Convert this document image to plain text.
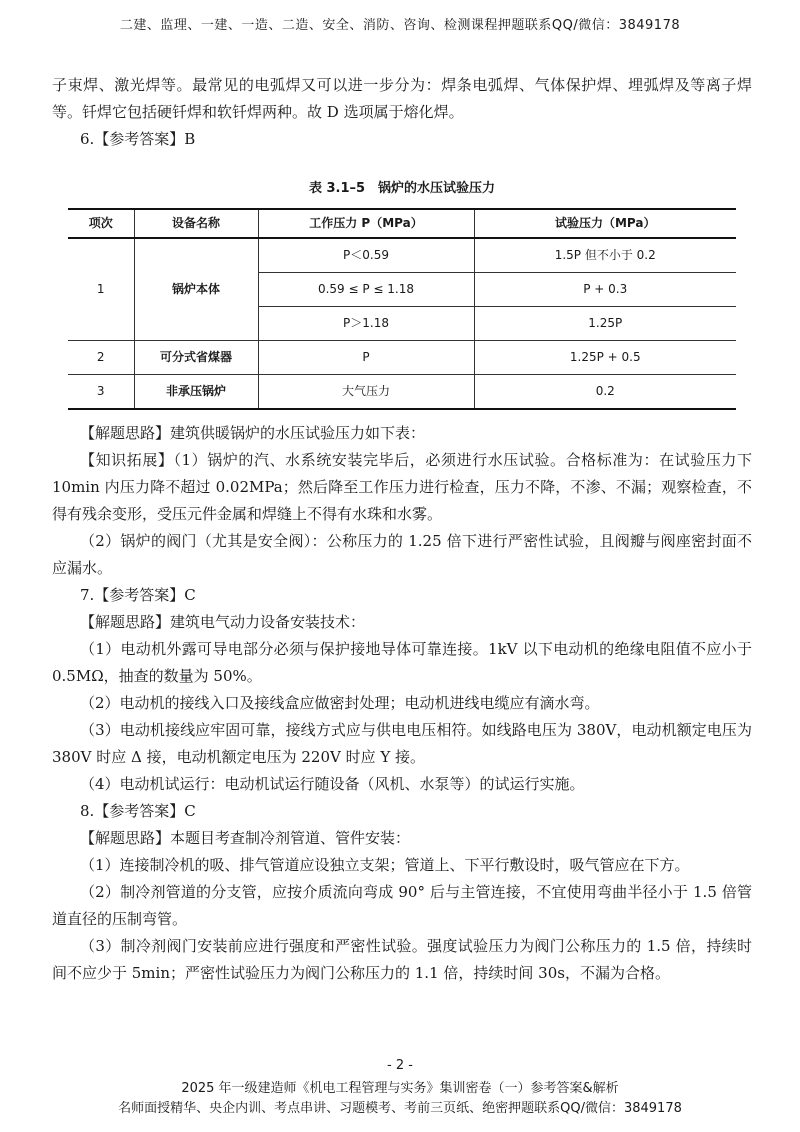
二建、监理、一建、一造、二造、安全、消防、咨询、检测课程押题联系QQ/微信：3849178

子束焊、激光焊等。最常见的电弧焊又可以进一步分为：焊条电弧焊、气体保护焊、埋弧焊及等离子焊等。钎焊它包括硬钎焊和软钎焊两种。故 D 选项属于熔化焊。

6.【参考答案】B

表 3.1–5　锅炉的水压试验压力
项次	设备名称	工作压力 P（MPa）	试验压力（MPa）
1	锅炉本体	P＜0.59	1.5P 但不小于 0.2
		0.59 ≤ P ≤ 1.18	P + 0.3
		P＞1.18	1.25P
2	可分式省煤器	P	1.25P + 0.5
3	非承压锅炉	大气压力	0.2

【解题思路】建筑供暖锅炉的水压试验压力如下表：

【知识拓展】（1）锅炉的汽、水系统安装完毕后，必须进行水压试验。合格标准为：在试验压力下 10min 内压力降不超过 0.02MPa；然后降至工作压力进行检查，压力不降，不渗、不漏；观察检查，不得有残余变形，受压元件金属和焊缝上不得有水珠和水雾。

（2）锅炉的阀门（尤其是安全阀）：公称压力的 1.25 倍下进行严密性试验，且阀瓣与阀座密封面不应漏水。

7.【参考答案】C

【解题思路】建筑电气动力设备安装技术：

（1）电动机外露可导电部分必须与保护接地导体可靠连接。1kV 以下电动机的绝缘电阻值不应小于 0.5MΩ，抽查的数量为 50%。

（2）电动机的接线入口及接线盒应做密封处理；电动机进线电缆应有滴水弯。

（3）电动机接线应牢固可靠，接线方式应与供电电压相符。如线路电压为 380V，电动机额定电压为 380V 时应 Δ 接，电动机额定电压为 220V 时应 Y 接。

（4）电动机试运行：电动机试运行随设备（风机、水泵等）的试运行实施。

8.【参考答案】C

【解题思路】本题目考查制冷剂管道、管件安装：

（1）连接制冷机的吸、排气管道应设独立支架；管道上、下平行敷设时，吸气管应在下方。

（2）制冷剂管道的分支管，应按介质流向弯成 90° 后与主管连接，不宜使用弯曲半径小于 1.5 倍管道直径的压制弯管。

（3）制冷剂阀门安装前应进行强度和严密性试验。强度试验压力为阀门公称压力的 1.5 倍，持续时间不应少于 5min；严密性试验压力为阀门公称压力的 1.1 倍，持续时间 30s，不漏为合格。

- 2 -
2025 年一级建造师《机电工程管理与实务》集训密卷（一）参考答案&解析
名师面授精华、央企内训、考点串讲、习题模考、考前三页纸、绝密押题联系QQ/微信：3849178
